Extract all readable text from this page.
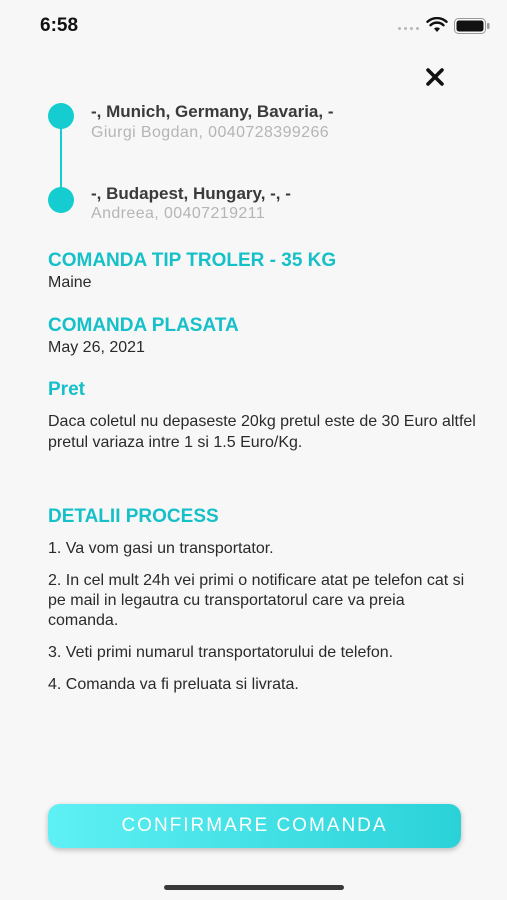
6:58
-, Munich, Germany, Bavaria, -
Giurgi Bogdan, 0040728399266
-, Budapest, Hungary, -, -
Andreea, 00407219211
COMANDA TIP TROLER - 35 KG
Maine
COMANDA PLASATA
May 26, 2021
Pret
Daca coletul nu depaseste 20kg pretul este de 30 Euro altfel pretul variaza intre 1 si 1.5 Euro/Kg.
DETALII PROCESS
1. Va vom gasi un transportator.
2. In cel mult 24h vei primi o notificare atat pe telefon cat si pe mail in legautra cu transportatorul care va preia comanda.
3. Veti primi numarul transportatorului de telefon.
4. Comanda va fi preluata si livrata.
CONFIRMARE COMANDA
